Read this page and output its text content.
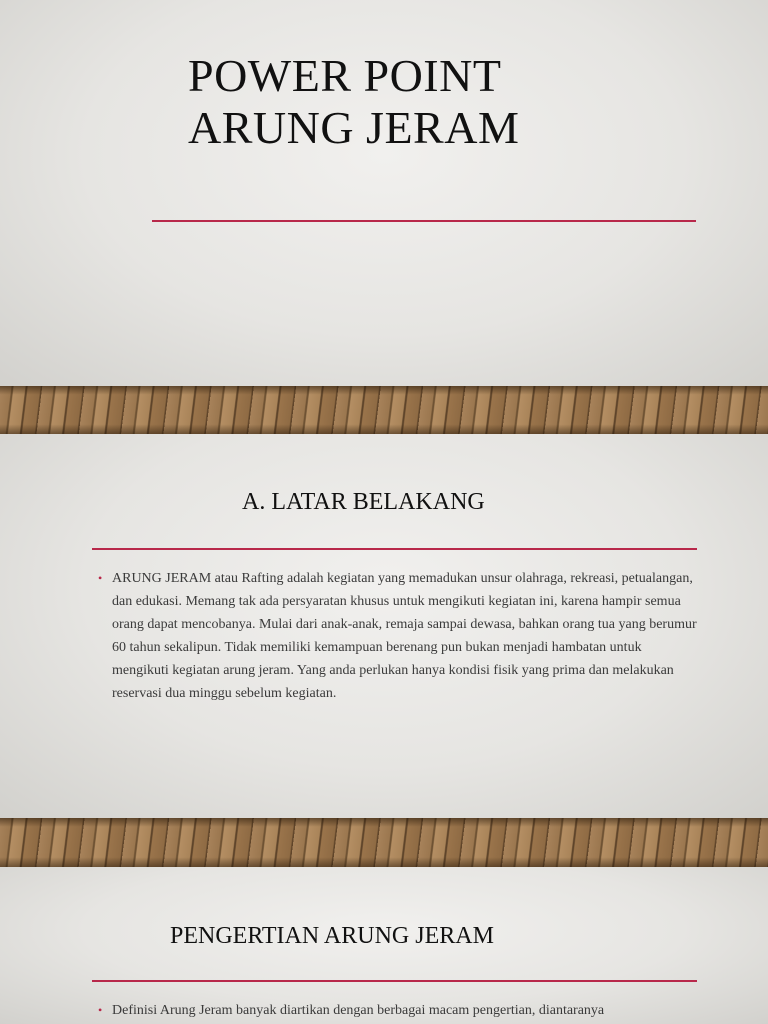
POWER POINT
ARUNG JERAM
A. LATAR BELAKANG
• ARUNG JERAM atau Rafting adalah kegiatan yang memadukan unsur olahraga, rekreasi, petualangan, dan edukasi. Memang tak ada persyaratan khusus untuk mengikuti kegiatan ini, karena hampir semua orang dapat mencobanya. Mulai dari anak-anak, remaja sampai dewasa, bahkan orang tua yang berumur 60 tahun sekalipun. Tidak memiliki kemampuan berenang pun bukan menjadi hambatan untuk mengikuti kegiatan arung jeram. Yang anda perlukan hanya kondisi fisik yang prima dan melakukan reservasi dua minggu sebelum kegiatan.
PENGERTIAN ARUNG JERAM
• Definisi Arung Jeram banyak diartikan dengan berbagai macam pengertian, diantaranya
